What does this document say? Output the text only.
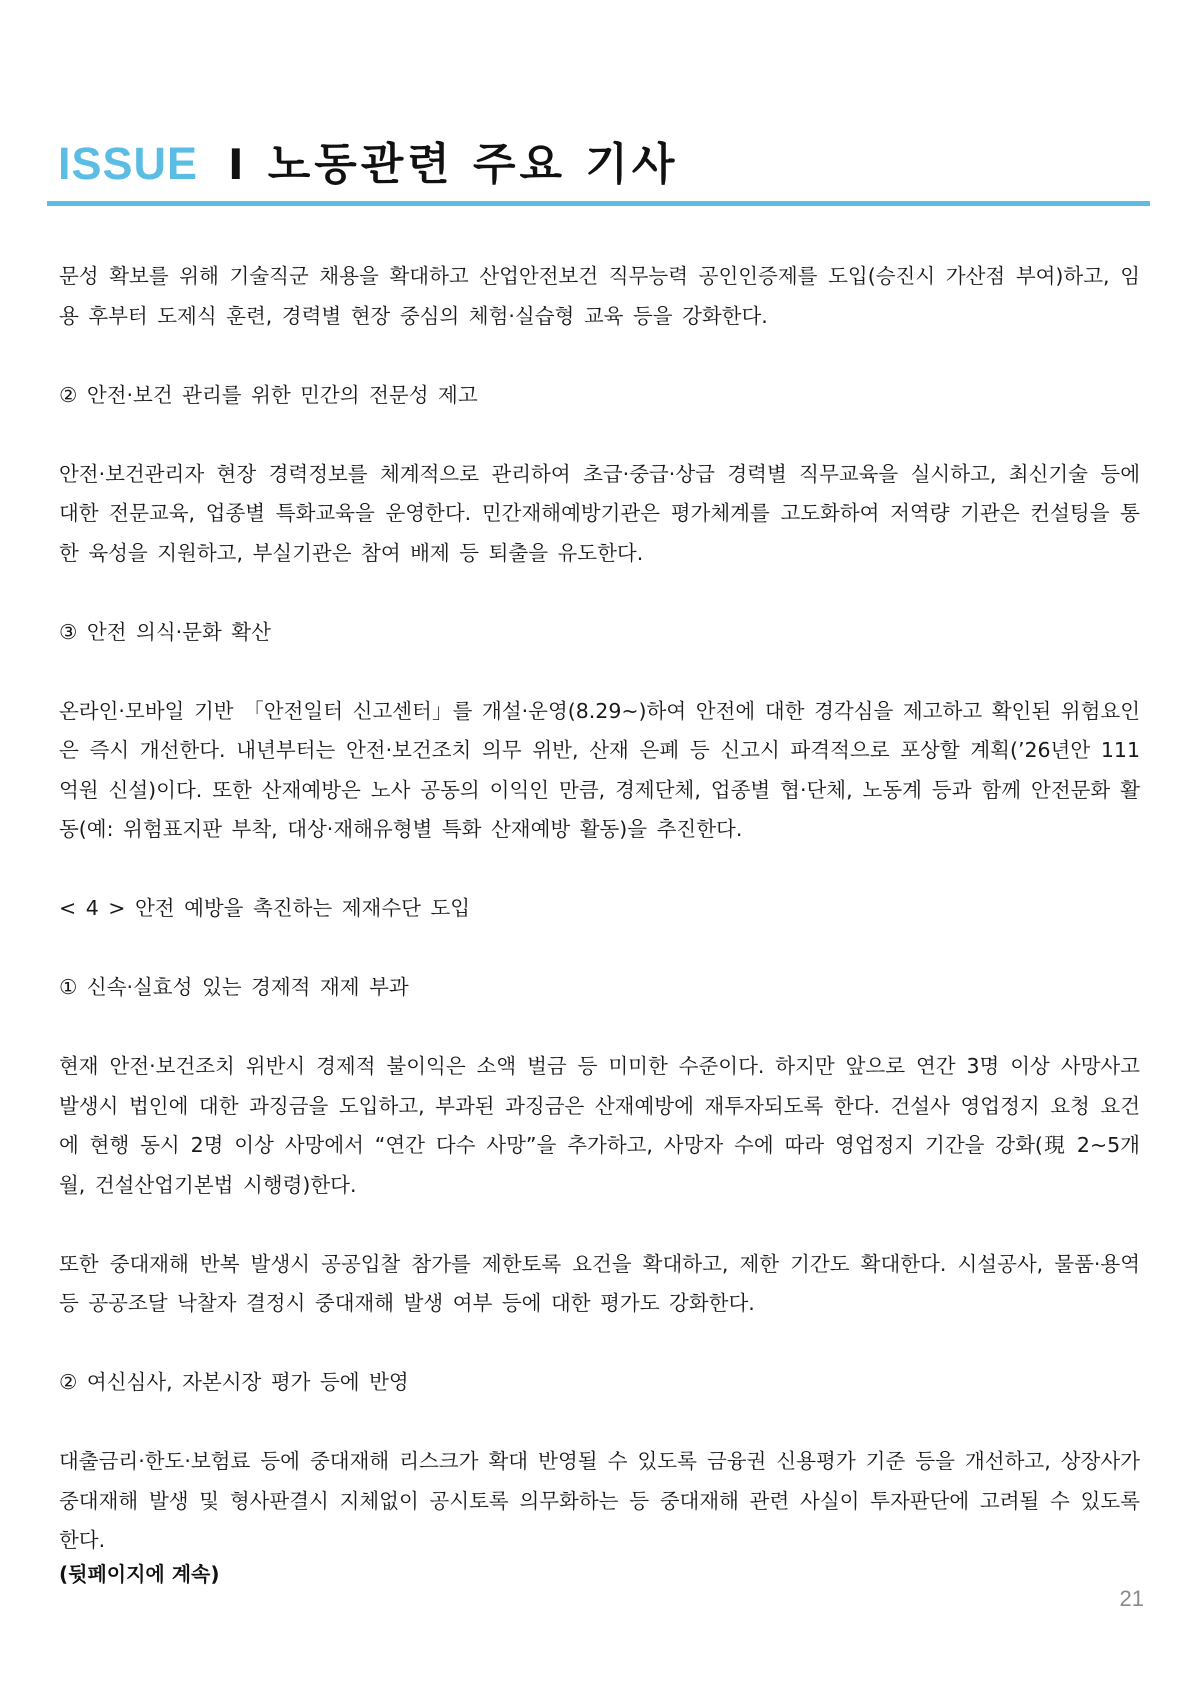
ISSUE I 노동관련 주요 기사

문성 확보를 위해 기술직군 채용을 확대하고 산업안전보건 직무능력 공인인증제를 도입(승진시 가산점 부여)하고, 임용 후부터 도제식 훈련, 경력별 현장 중심의 체험·실습형 교육 등을 강화한다.

② 안전·보건 관리를 위한 민간의 전문성 제고

안전·보건관리자 현장 경력정보를 체계적으로 관리하여 초급·중급·상급 경력별 직무교육을 실시하고, 최신기술 등에 대한 전문교육, 업종별 특화교육을 운영한다. 민간재해예방기관은 평가체계를 고도화하여 저역량 기관은 컨설팅을 통한 육성을 지원하고, 부실기관은 참여 배제 등 퇴출을 유도한다.

③ 안전 의식·문화 확산

온라인·모바일 기반 「안전일터 신고센터」를 개설·운영(8.29~)하여 안전에 대한 경각심을 제고하고 확인된 위험요인은 즉시 개선한다. 내년부터는 안전·보건조치 의무 위반, 산재 은폐 등 신고시 파격적으로 포상할 계획(’26년안 111억원 신설)이다. 또한 산재예방은 노사 공동의 이익인 만큼, 경제단체, 업종별 협·단체, 노동계 등과 함께 안전문화 활동(예: 위험표지판 부착, 대상·재해유형별 특화 산재예방 활동)을 추진한다.

< 4 > 안전 예방을 촉진하는 제재수단 도입

① 신속·실효성 있는 경제적 재제 부과

현재 안전·보건조치 위반시 경제적 불이익은 소액 벌금 등 미미한 수준이다. 하지만 앞으로 연간 3명 이상 사망사고 발생시 법인에 대한 과징금을 도입하고, 부과된 과징금은 산재예방에 재투자되도록 한다. 건설사 영업정지 요청 요건에 현행 동시 2명 이상 사망에서 “연간 다수 사망”을 추가하고, 사망자 수에 따라 영업정지 기간을 강화(現 2~5개월, 건설산업기본법 시행령)한다.

또한 중대재해 반복 발생시 공공입찰 참가를 제한토록 요건을 확대하고, 제한 기간도 확대한다. 시설공사, 물품·용역 등 공공조달 낙찰자 결정시 중대재해 발생 여부 등에 대한 평가도 강화한다.

② 여신심사, 자본시장 평가 등에 반영

대출금리·한도·보험료 등에 중대재해 리스크가 확대 반영될 수 있도록 금융권 신용평가 기준 등을 개선하고, 상장사가 중대재해 발생 및 형사판결시 지체없이 공시토록 의무화하는 등 중대재해 관련 사실이 투자판단에 고려될 수 있도록 한다.

(뒷페이지에 계속)
21
